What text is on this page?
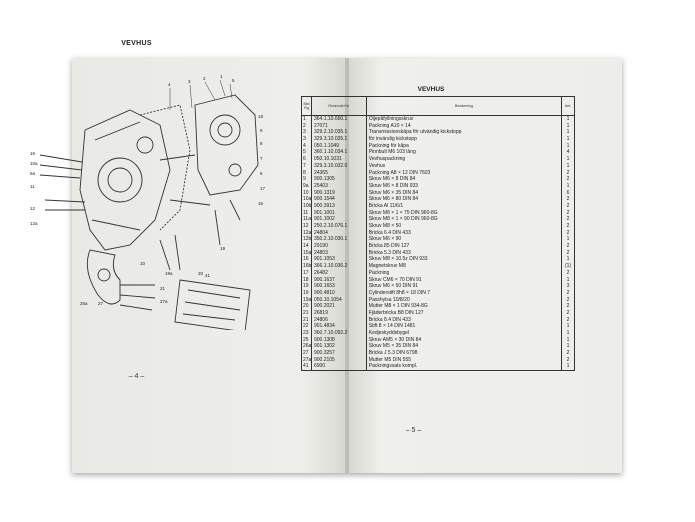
VEVHUS
4
3
2	1
5
18
9
8
7
6
17
16
16
10a
9a
11
12
12a
10
19a	20
19
21
27a
26a 27
41
– 4 –
VEVHUS
Bild Fig	Reservdel Nr	Benämning	Ant.
1	364.1.10.660.1	Oljepåfyllningsskruv	1
2	27071	Packning A10 × 14	1
3	329.2.10.035.1	Transmissionskåpa för utvändig kickstopp	1
3	329.3.10.035.1	för invändig kickstopp	1
4	050.1.1049	Packning för kåpa	1
5	360.1.10.034.1	Pinnbult M6 103 lång	4
6	050.10.1031	Vevhuspackning	1
7	329.3.10.032.0	Vevhus	1
8	24365	Packning A8 × 12 DIN 7603	2
9	900.1305	Skruv M6 × 8 DIN 84	2
9a	25403	Skruv M6 × 8 DIN 933	1
10	900.1319	Skruv M6 × 35 DIN 84	6
10a 900.1544	Skruv M6 × 80 DIN 84	2
10b 900.3913	Bricka Al 11/6/1	2
11	901.1001	Skruv M8 × 1 × 75 DIN 960-8G	2
11a 901.1002	Skruv M8 × 1 × 90 DIN 960-8G	2
12	250.2.10.076.1	Skruv M8 × 50	2
12a 24804	Bricka 6.4 DIN 433	2
12b 350.2.10.030.1	Skruv M6 × 90	1
14	29190	Bricka 85 DIN 127	2
15a 24803	Bricka 5.3 DIN 433	2
16	901.1053	Skruv M8 × 10.5z DIN 933	1
16b 366.1.10.036.2	Magnetskruv M8	(1)
17	26482	Packning	2
18	900.1637	Skruv CM6 × 70 DIN 91	1
19	900.1653	Skruv M6 × 50 DIN 91	3
19	900.4810	Cylinderstift 8h8 × 18 DIN 7	2
19a 050.10.1054	Passhylsa 10/8/20	2
20	900.2021	Mutter M8 × 1 DIN 934-8G	2
21	26819	Fjäderbricka B8 DIN 127	2
21	24806	Bricka 8.4 DIN 433	2
22	901.4834	Stift 8 × 14 DIN 1481	1
23	360.7.10.092.2	Kedjeskyddsbygel	1
25	900.1308	Skruv AM5 × 30 DIN 84	1
26a 901.1302	Skruv M5 × 35 DIN 84	1
27	900.3257	Bricka J 5.3 DIN 6798	2
27a 900.2105	Mutter M5 DIN 555	2
41	6900	Packningssats kompl.	1
– 5 –
